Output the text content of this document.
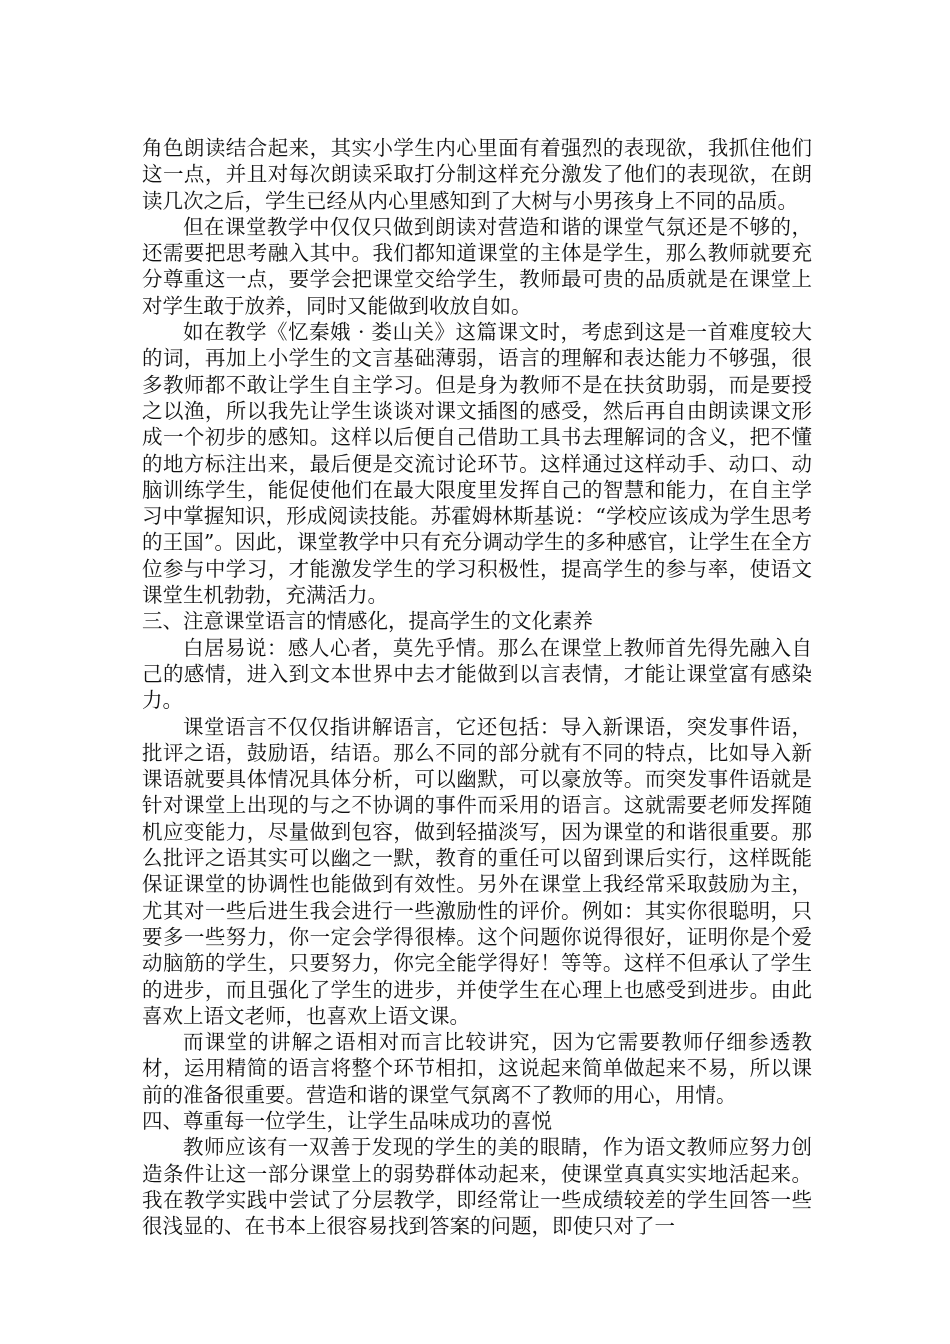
角色朗读结合起来，其实小学生内心里面有着强烈的表现欲，我抓住他们这一点，并且对每次朗读采取打分制这样充分激发了他们的表现欲，在朗读几次之后，学生已经从内心里感知到了大树与小男孩身上不同的品质。

但在课堂教学中仅仅只做到朗读对营造和谐的课堂气氛还是不够的，还需要把思考融入其中。我们都知道课堂的主体是学生，那么教师就要充分尊重这一点，要学会把课堂交给学生，教师最可贵的品质就是在课堂上对学生敢于放养，同时又能做到收放自如。

如在教学《忆秦娥 · 娄山关》这篇课文时，考虑到这是一首难度较大的词，再加上小学生的文言基础薄弱，语言的理解和表达能力不够强，很多教师都不敢让学生自主学习。但是身为教师不是在扶贫助弱，而是要授之以渔，所以我先让学生谈谈对课文插图的感受，然后再自由朗读课文形成一个初步的感知。这样以后便自己借助工具书去理解词的含义，把不懂的地方标注出来，最后便是交流讨论环节。这样通过这样动手、动口、动脑训练学生，能促使他们在最大限度里发挥自己的智慧和能力，在自主学习中掌握知识，形成阅读技能。苏霍姆林斯基说：“学校应该成为学生思考的王国”。因此，课堂教学中只有充分调动学生的多种感官，让学生在全方位参与中学习，才能激发学生的学习积极性，提高学生的参与率，使语文课堂生机勃勃，充满活力。

三、注意课堂语言的情感化，提高学生的文化素养

白居易说：感人心者，莫先乎情。那么在课堂上教师首先得先融入自己的感情，进入到文本世界中去才能做到以言表情，才能让课堂富有感染力。

课堂语言不仅仅指讲解语言，它还包括：导入新课语，突发事件语，批评之语，鼓励语，结语。那么不同的部分就有不同的特点，比如导入新课语就要具体情况具体分析，可以幽默，可以豪放等。而突发事件语就是针对课堂上出现的与之不协调的事件而采用的语言。这就需要老师发挥随机应变能力，尽量做到包容，做到轻描淡写，因为课堂的和谐很重要。那么批评之语其实可以幽之一默，教育的重任可以留到课后实行，这样既能保证课堂的协调性也能做到有效性。另外在课堂上我经常采取鼓励为主，尤其对一些后进生我会进行一些激励性的评价。例如：其实你很聪明，只要多一些努力，你一定会学得很棒。这个问题你说得很好，证明你是个爱动脑筋的学生，只要努力，你完全能学得好！等等。这样不但承认了学生的进步，而且强化了学生的进步，并使学生在心理上也感受到进步。由此喜欢上语文老师，也喜欢上语文课。

而课堂的讲解之语相对而言比较讲究，因为它需要教师仔细参透教材，运用精简的语言将整个环节相扣，这说起来简单做起来不易，所以课前的准备很重要。营造和谐的课堂气氛离不了教师的用心，用情。

四、尊重每一位学生，让学生品味成功的喜悦

教师应该有一双善于发现的学生的美的眼睛，作为语文教师应努力创造条件让这一部分课堂上的弱势群体动起来，使课堂真真实实地活起来。我在教学实践中尝试了分层教学，即经常让一些成绩较差的学生回答一些很浅显的、在书本上很容易找到答案的问题，即使只对了一
